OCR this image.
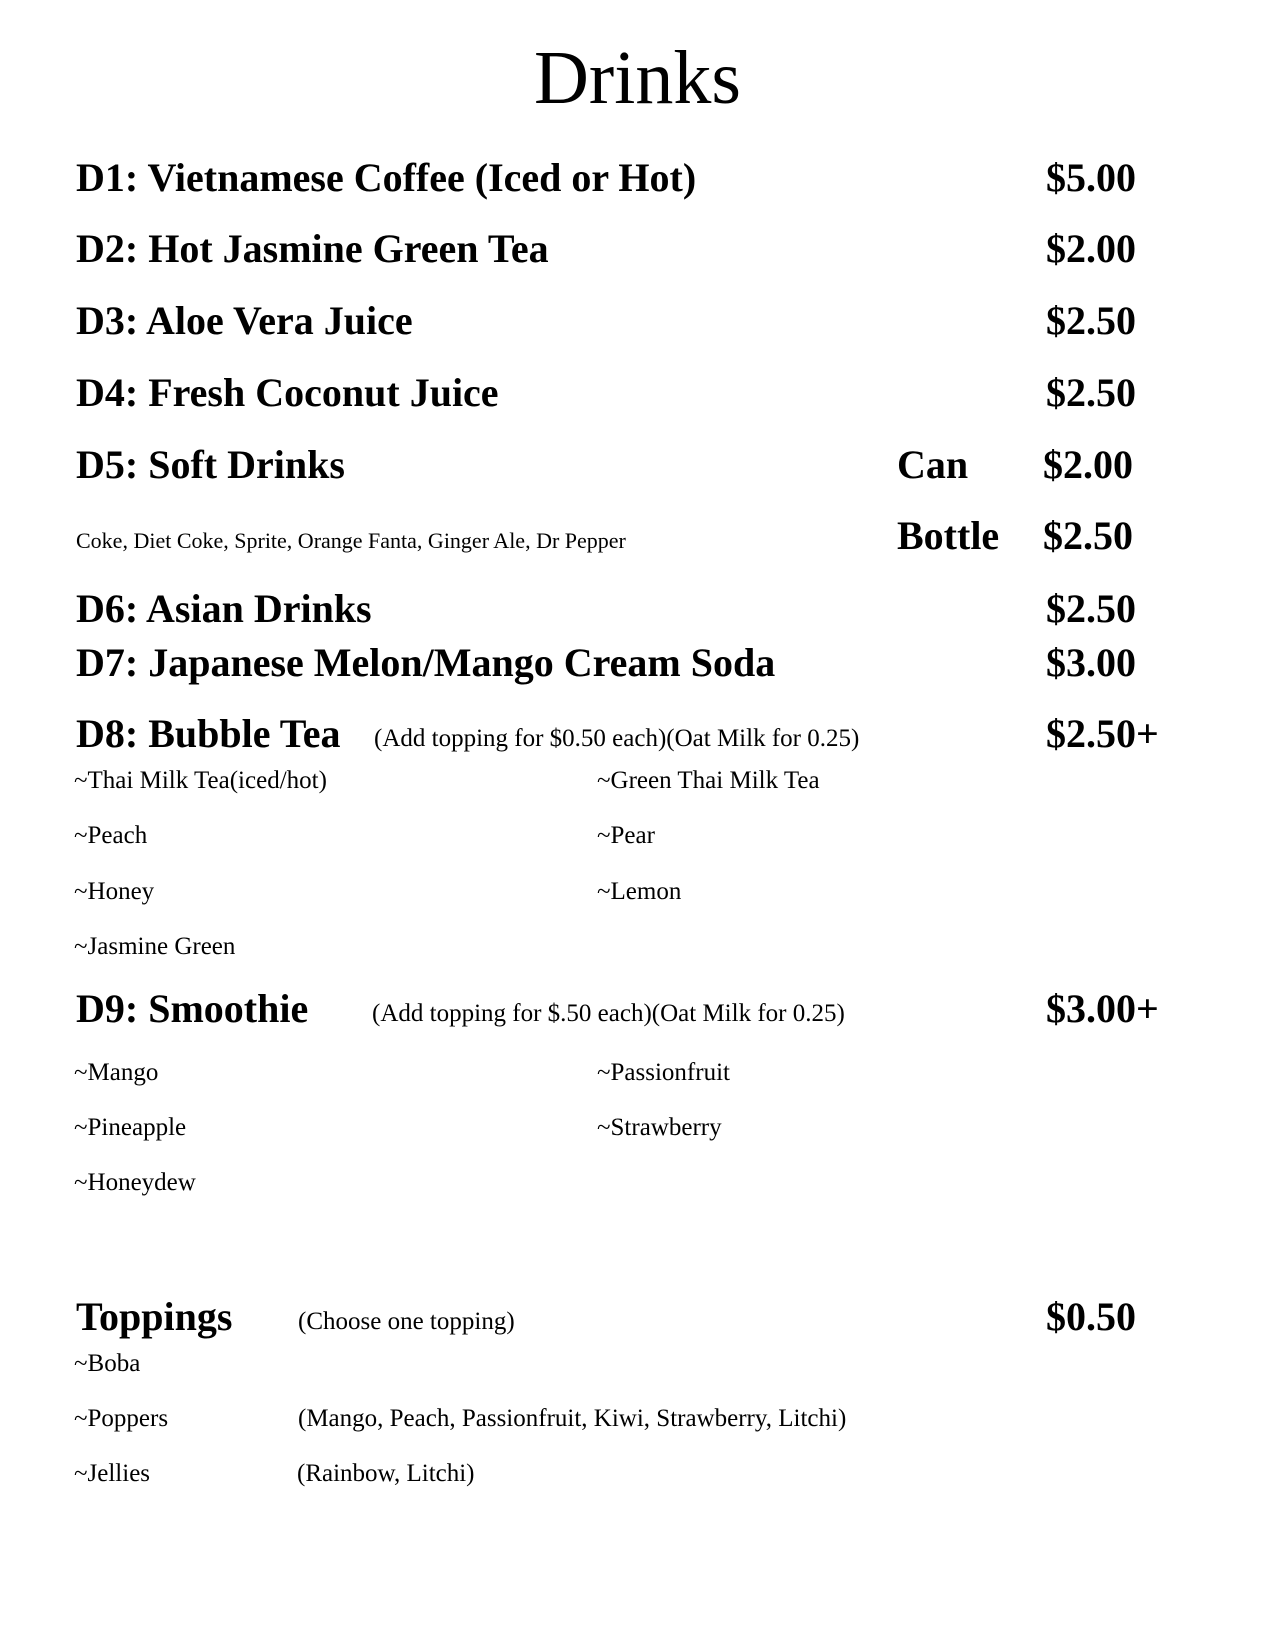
Drinks
D1: Vietnamese Coffee (Iced or Hot)	$5.00
D2: Hot Jasmine Green Tea	$2.00
D3: Aloe Vera Juice	$2.50
D4: Fresh Coconut Juice	$2.50
D5: Soft Drinks	Can $2.00
Coke, Diet Coke, Sprite, Orange Fanta, Ginger Ale, Dr Pepper	Bottle $2.50
D6: Asian Drinks	$2.50
D7: Japanese Melon/Mango Cream Soda	$3.00
D8: Bubble Tea (Add topping for $0.50 each)(Oat Milk for 0.25)	$2.50+
~Thai Milk Tea(iced/hot)	~Green Thai Milk Tea
~Peach	~Pear
~Honey	~Lemon
~Jasmine Green
D9: Smoothie	(Add topping for $.50 each)(Oat Milk for 0.25)	$3.00+
~Mango	~Passionfruit
~Pineapple	~Strawberry
~Honeydew
Toppings	(Choose one topping)	$0.50
~Boba
~Poppers	(Mango, Peach, Passionfruit, Kiwi, Strawberry, Litchi)
~Jellies	(Rainbow, Litchi)
